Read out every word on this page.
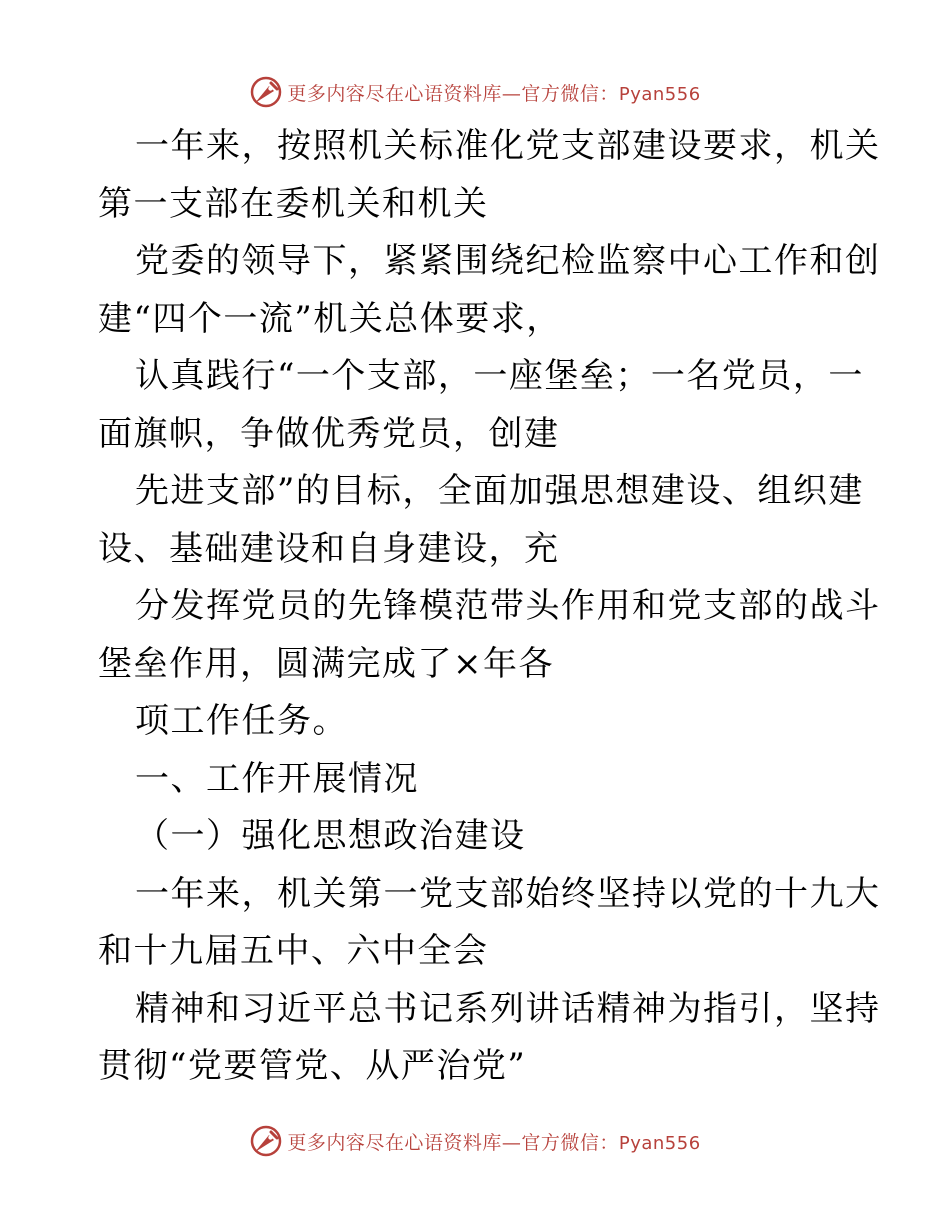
更多内容尽在心语资料库—官方微信：Pyan556
一年来，按照机关标准化党支部建设要求，机关
第一支部在委机关和机关
党委的领导下，紧紧围绕纪检监察中心工作和创
建“四个一流”机关总体要求，
认真践行“一个支部，一座堡垒；一名党员，一
面旗帜，争做优秀党员，创建
先进支部”的目标，全面加强思想建设、组织建
设、基础建设和自身建设，充
分发挥党员的先锋模范带头作用和党支部的战斗
堡垒作用，圆满完成了×年各
项工作任务。
一、工作开展情况
（一）强化思想政治建设
一年来，机关第一党支部始终坚持以党的十九大
和十九届五中、六中全会
精神和习近平总书记系列讲话精神为指引，坚持
贯彻“党要管党、从严治党”
更多内容尽在心语资料库—官方微信：Pyan556
